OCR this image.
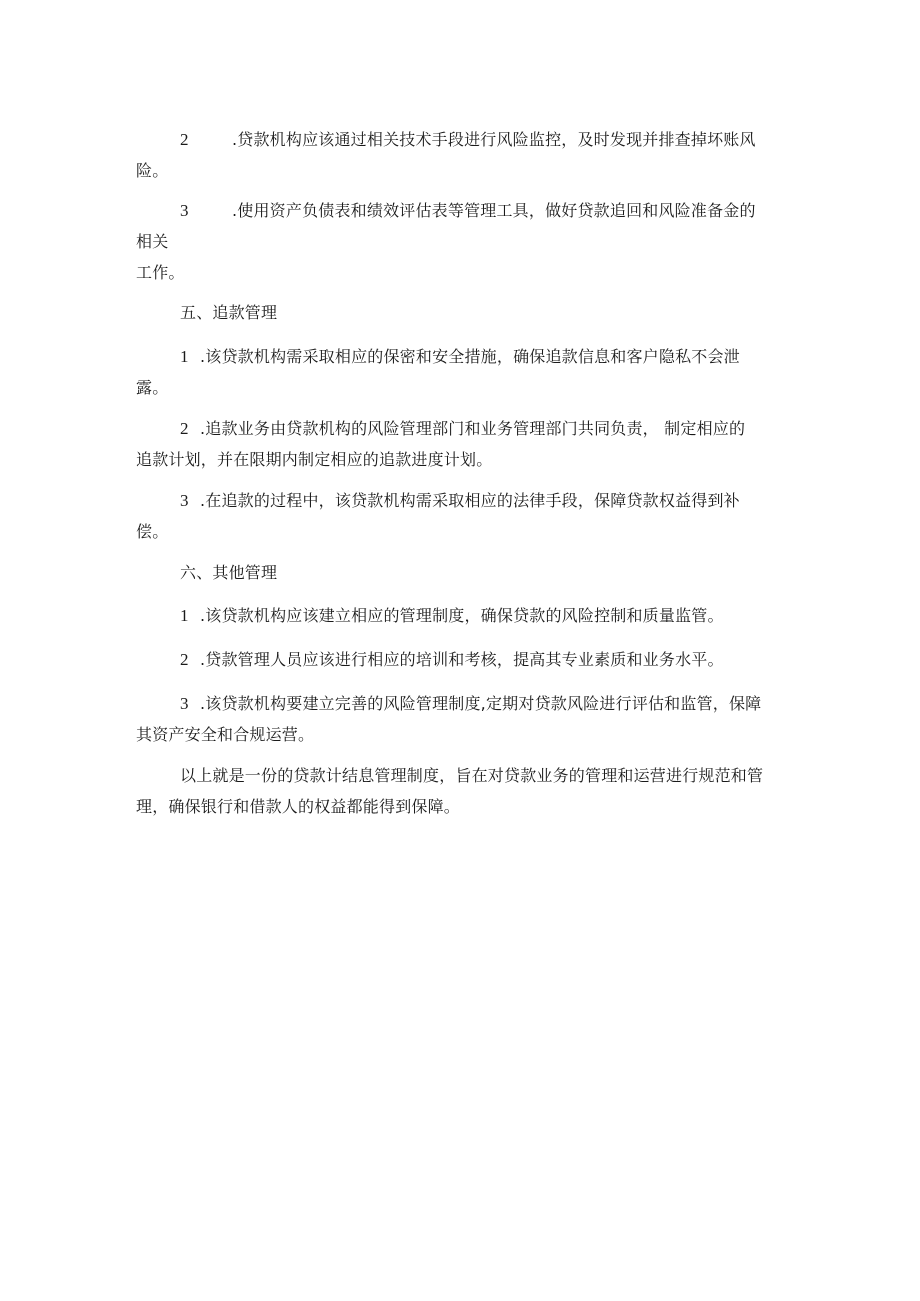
2	.贷款机构应该通过相关技术手段进行风险监控，及时发现并排查掉坏账风
险。
3	.使用资产负债表和绩效评估表等管理工具，做好贷款追回和风险准备金的
相关
工作。
五、追款管理
1 .该贷款机构需采取相应的保密和安全措施，确保追款信息和客户隐私不会泄
露。
2 .追款业务由贷款机构的风险管理部门和业务管理部门共同负责， 制定相应的
追款计划，并在限期内制定相应的追款进度计划。
3 .在追款的过程中，该贷款机构需采取相应的法律手段，保障贷款权益得到补
偿。
六、其他管理
1 .该贷款机构应该建立相应的管理制度，确保贷款的风险控制和质量监管。
2 .贷款管理人员应该进行相应的培训和考核，提高其专业素质和业务水平。
3 .该贷款机构要建立完善的风险管理制度,定期对贷款风险进行评估和监管，保障
其资产安全和合规运营。
以上就是一份的贷款计结息管理制度，旨在对贷款业务的管理和运营进行规范和管
理，确保银行和借款人的权益都能得到保障。
